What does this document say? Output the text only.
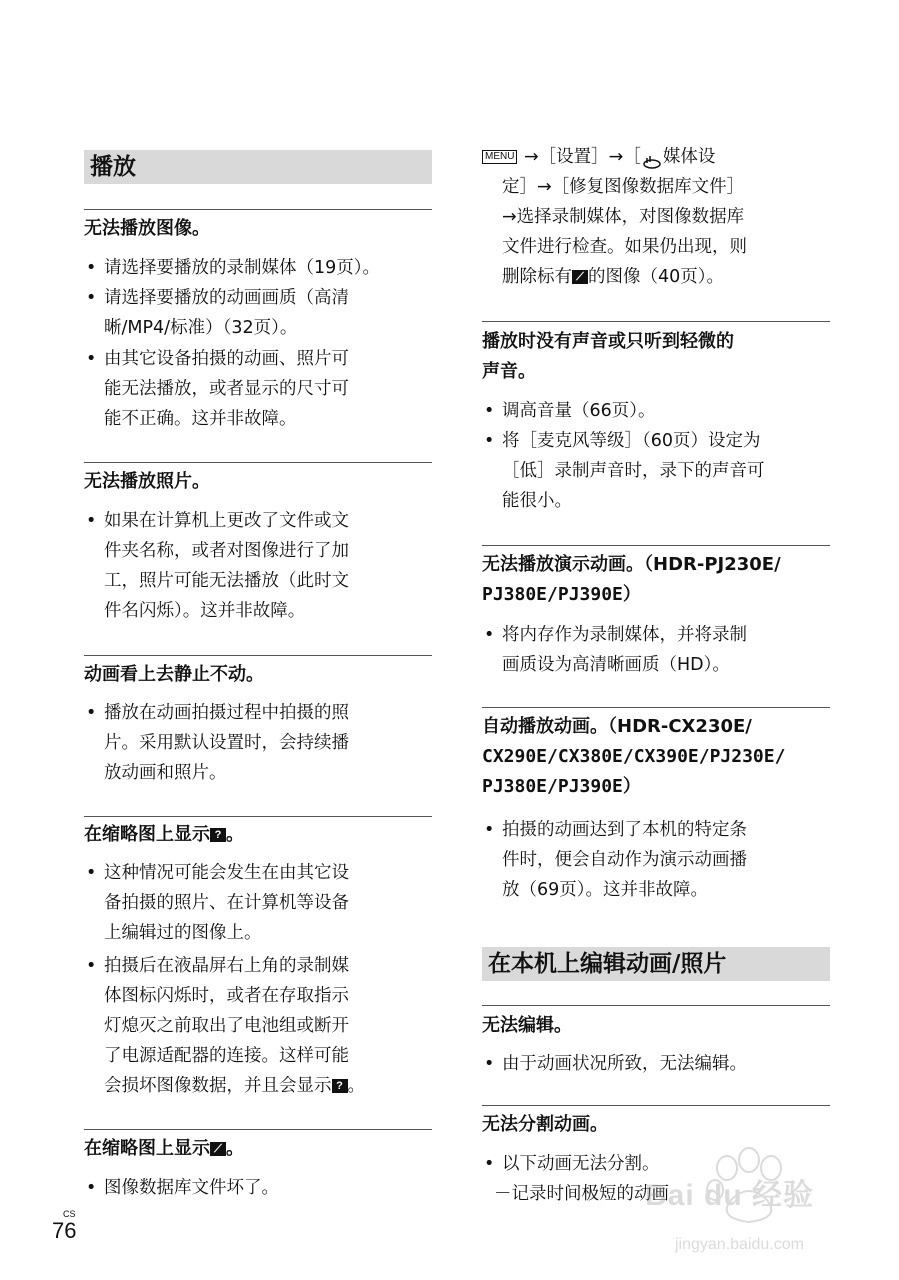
播放
无法播放图像。
• 请选择要播放的录制媒体（19页）。
• 请选择要播放的动画画质（高清
晰/MP4/标准）（32页）。
• 由其它设备拍摄的动画、照片可
能无法播放，或者显示的尺寸可
能不正确。这并非故障。
无法播放照片。
• 如果在计算机上更改了文件或文
件夹名称，或者对图像进行了加
工，照片可能无法播放（此时文
件名闪烁）。这并非故障。
动画看上去静止不动。
• 播放在动画拍摄过程中拍摄的照
片。采用默认设置时，会持续播
放动画和照片。
在缩略图上显示 ? 。
• 这种情况可能会发生在由其它设
备拍摄的照片、在计算机等设备
上编辑过的图像上。
• 拍摄后在液晶屏右上角的录制媒
体图标闪烁时，或者在存取指示
灯熄灭之前取出了电池组或断开
了电源适配器的连接。这样可能
会损坏图像数据，并且会显示 ? 。
在缩略图上显示 ⟋ 。
• 图像数据库文件坏了。
MENU →［设置］→［ 媒体设
定］→［修复图像数据库文件］
→选择录制媒体，对图像数据库
文件进行检查。如果仍出现，则
删除标有 ⟋ 的图像（40页）。
播放时没有声音或只听到轻微的
声音。
• 调高音量（66页）。
• 将［麦克风等级］（60页）设定为
［低］录制声音时，录下的声音可
能很小。
无法播放演示动画。（HDR-PJ230E/
PJ380E/PJ390E）
• 将内存作为录制媒体，并将录制
画质设为高清晰画质（HD）。
自动播放动画。（HDR-CX230E/
CX290E/CX380E/CX390E/PJ230E/
PJ380E/PJ390E）
• 拍摄的动画达到了本机的特定条
件时，便会自动作为演示动画播
放（69页）。这并非故障。
在本机上编辑动画/照片
无法编辑。
• 由于动画状况所致，无法编辑。
无法分割动画。
• 以下动画无法分割。
－记录时间极短的动画
CS
76
Bai du 经验
jingyan.baidu.com
